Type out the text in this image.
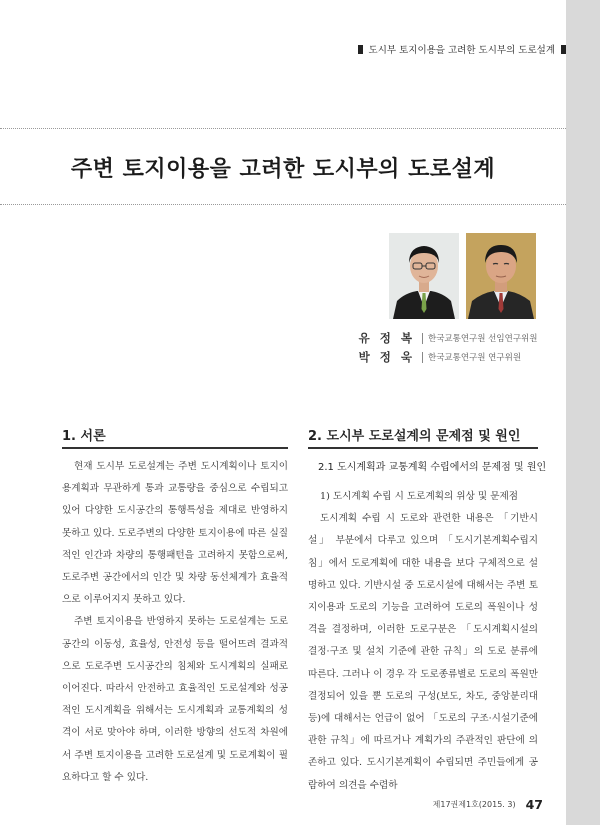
도시부 토지이용을 고려한 도시부의 도로설계
주변 토지이용을 고려한 도시부의 도로설계
유 정 복 한국교통연구원 선임연구위원
박 정 욱 한국교통연구원 연구위원
1. 서론

현재 도시부 도로설계는 주변 도시계획이나 토지이용계획과 무관하게 통과 교통량을 중심으로 수립되고 있어 다양한 도시공간의 통행특성을 제대로 반영하지 못하고 있다. 도로주변의 다양한 토지이용에 따른 실질적인 인간과 차량의 통행패턴을 고려하지 못함으로써, 도로주변 공간에서의 인간 및 차량 동선체계가 효율적으로 이루어지지 못하고 있다.

주변 토지이용을 반영하지 못하는 도로설계는 도로공간의 이동성, 효율성, 안전성 등을 떨어뜨려 결과적으로 도로주변 도시공간의 침체와 도시계획의 실패로 이어진다. 따라서 안전하고 효율적인 도로설계와 성공적인 도시계획을 위해서는 도시계획과 교통계획의 성격이 서로 맞아야 하며, 이러한 방향의 선도적 차원에서 주변 토지이용을 고려한 도로설계 및 도로계획이 필요하다고 할 수 있다.

2. 도시부 도로설계의 문제점 및 원인
2.1 도시계획과 교통계획 수립에서의 문제점 및 원인

1) 도시계획 수립 시 도로계획의 위상 및 문제점

도시계획 수립 시 도로와 관련한 내용은 「기반시설」 부분에서 다루고 있으며 「도시기본계획수립지침」에서 도로계획에 대한 내용을 보다 구체적으로 설명하고 있다. 기반시설 중 도로시설에 대해서는 주변 토지이용과 도로의 기능을 고려하여 도로의 폭원이나 성격을 결정하며, 이러한 도로구분은 「도시계획시설의 결정·구조 및 설치 기준에 관한 규칙」의 도로 분류에 따른다. 그러나 이 경우 각 도로종류별로 도로의 폭원만 결정되어 있을 뿐 도로의 구성(보도, 차도, 중앙분리대 등)에 대해서는 언급이 없어 「도로의 구조·시설기준에 관한 규칙」에 따르거나 계획가의 주관적인 판단에 의존하고 있다. 도시기본계획이 수립되면 주민들에게 공람하여 의견을 수렴하

제17권제1호(2015. 3) 47
